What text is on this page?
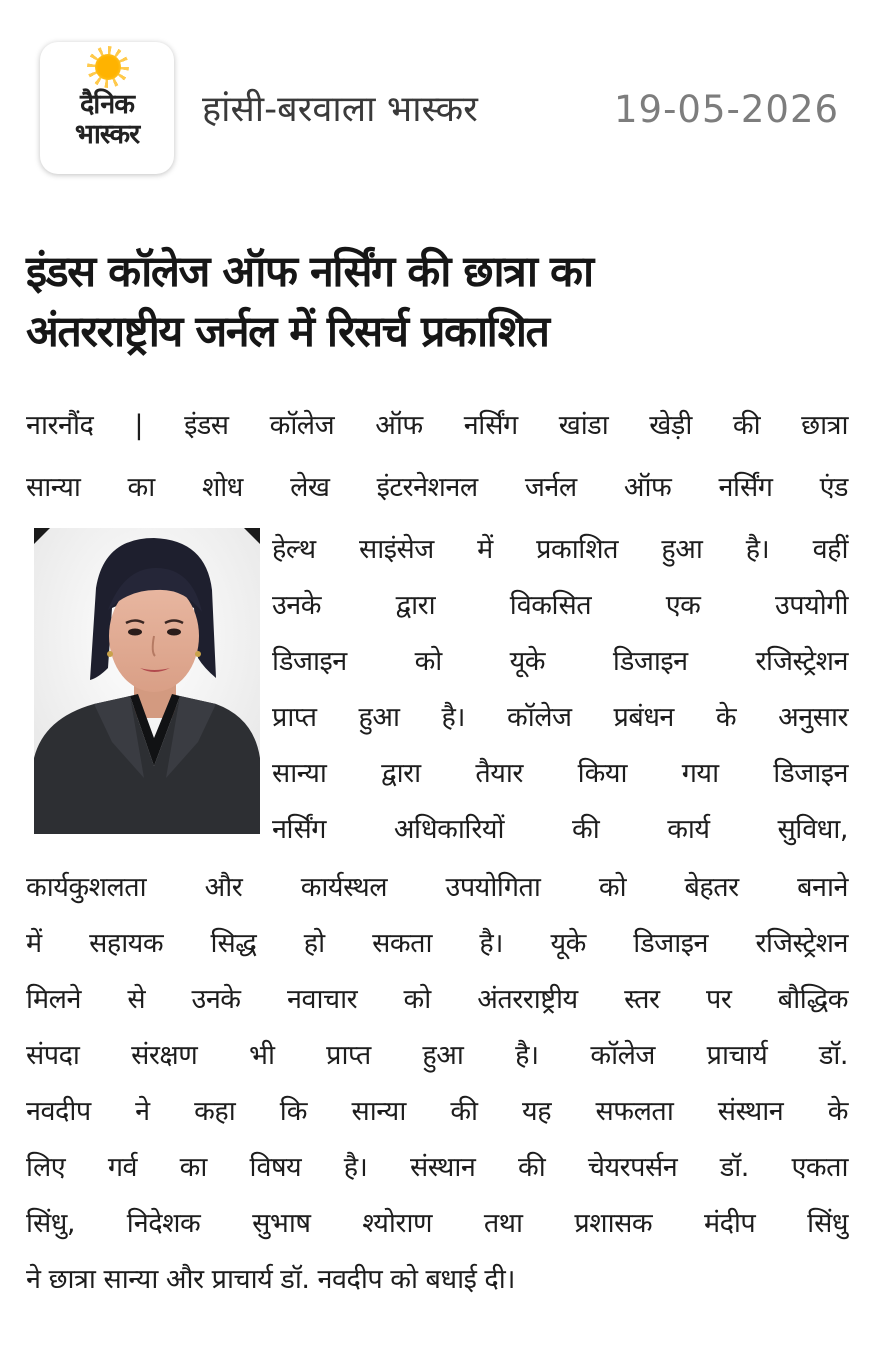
दैनिक
भास्कर
हांसी-बरवाला भास्कर	19-05-2026
इंडस कॉलेज ऑफ नर्सिंग की छात्रा का
अंतरराष्ट्रीय जर्नल में रिसर्च प्रकाशित
नारनौंद | इंडस कॉलेज ऑफ नर्सिंग खांडा खेड़ी की छात्रा
सान्या का शोध लेख इंटरनेशनल जर्नल ऑफ नर्सिंग एंड
हेल्थ साइंसेज में प्रकाशित हुआ है। वहीं
उनके द्वारा विकसित एक उपयोगी
डिजाइन को यूके डिजाइन रजिस्ट्रेशन
प्राप्त हुआ है। कॉलेज प्रबंधन के अनुसार
सान्या द्वारा तैयार किया गया डिजाइन
नर्सिंग अधिकारियों की कार्य सुविधा,
कार्यकुशलता और कार्यस्थल उपयोगिता को बेहतर बनाने
में सहायक सिद्ध हो सकता है। यूके डिजाइन रजिस्ट्रेशन
मिलने से उनके नवाचार को अंतरराष्ट्रीय स्तर पर बौद्धिक
संपदा संरक्षण भी प्राप्त हुआ है। कॉलेज प्राचार्य डॉ.
नवदीप ने कहा कि सान्या की यह सफलता संस्थान के
लिए गर्व का विषय है। संस्थान की चेयरपर्सन डॉ. एकता
सिंधु, निदेशक सुभाष श्योराण तथा प्रशासक मंदीप सिंधु
ने छात्रा सान्या और प्राचार्य डॉ. नवदीप को बधाई दी।
